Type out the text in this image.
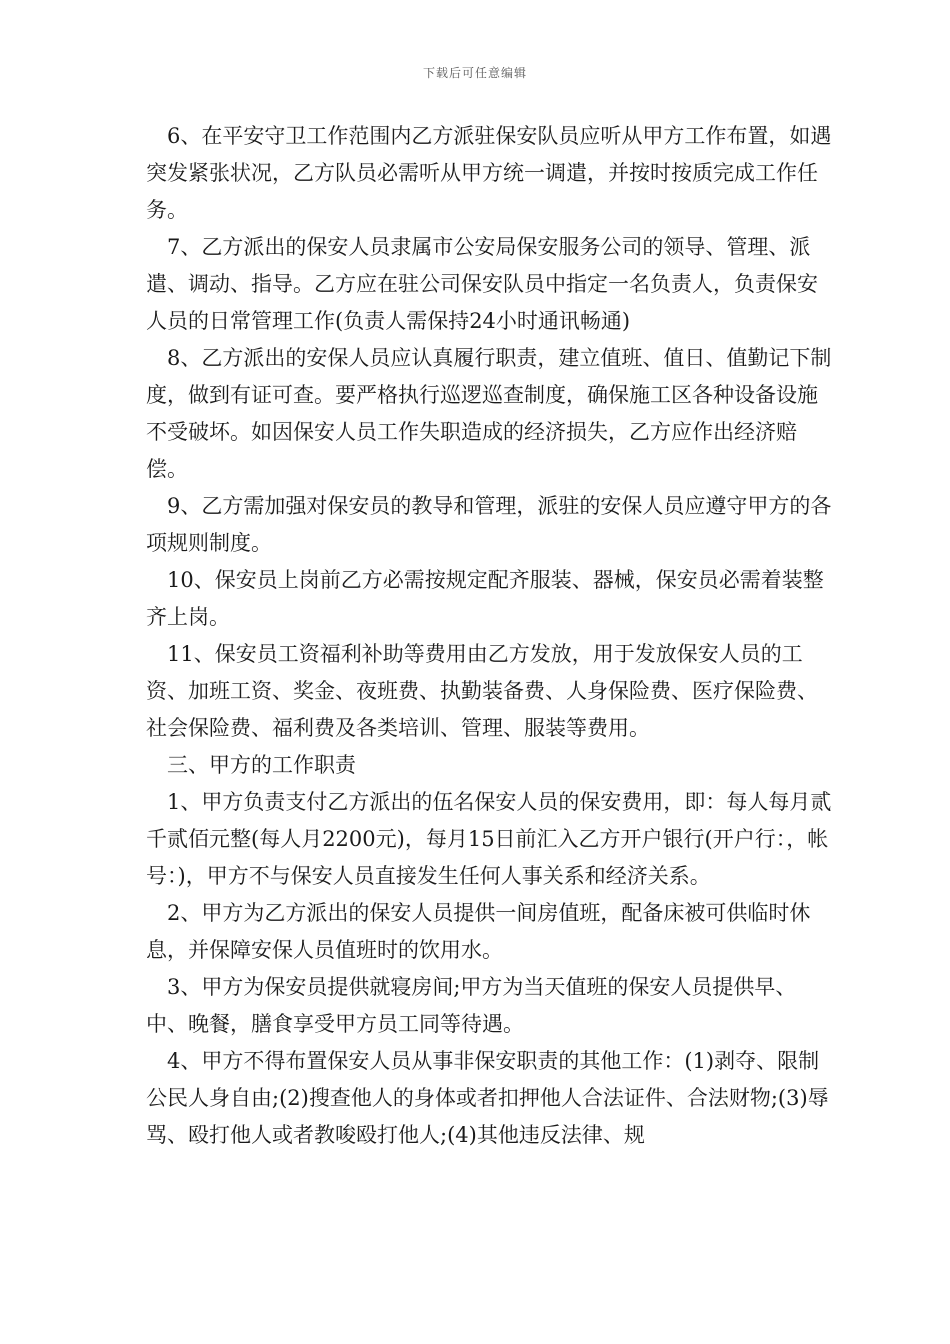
下载后可任意编辑

6、在平安守卫工作范围内乙方派驻保安队员应听从甲方工作布置，如遇突发紧张状况，乙方队员必需听从甲方统一调遣，并按时按质完成工作任务。

7、乙方派出的保安人员隶属市公安局保安服务公司的领导、管理、派遣、调动、指导。乙方应在驻公司保安队员中指定一名负责人，负责保安人员的日常管理工作(负责人需保持24小时通讯畅通)

8、乙方派出的安保人员应认真履行职责，建立值班、值日、值勤记下制度，做到有证可查。要严格执行巡逻巡查制度，确保施工区各种设备设施不受破坏。如因保安人员工作失职造成的经济损失，乙方应作出经济赔偿。

9、乙方需加强对保安员的教导和管理，派驻的安保人员应遵守甲方的各项规则制度。

10、保安员上岗前乙方必需按规定配齐服装、器械，保安员必需着装整齐上岗。

11、保安员工资福利补助等费用由乙方发放，用于发放保安人员的工资、加班工资、奖金、夜班费、执勤装备费、人身保险费、医疗保险费、社会保险费、福利费及各类培训、管理、服装等费用。

三、甲方的工作职责

1、甲方负责支付乙方派出的伍名保安人员的保安费用，即：每人每月贰千贰佰元整(每人月2200元)，每月15日前汇入乙方开户银行(开户行：，帐号：)，甲方不与保安人员直接发生任何人事关系和经济关系。

2、甲方为乙方派出的保安人员提供一间房值班，配备床被可供临时休息，并保障安保人员值班时的饮用水。

3、甲方为保安员提供就寝房间;甲方为当天值班的保安人员提供早、中、晚餐，膳食享受甲方员工同等待遇。

4、甲方不得布置保安人员从事非保安职责的其他工作：(1)剥夺、限制公民人身自由;(2)搜查他人的身体或者扣押他人合法证件、合法财物;(3)辱骂、殴打他人或者教唆殴打他人;(4)其他违反法律、规
